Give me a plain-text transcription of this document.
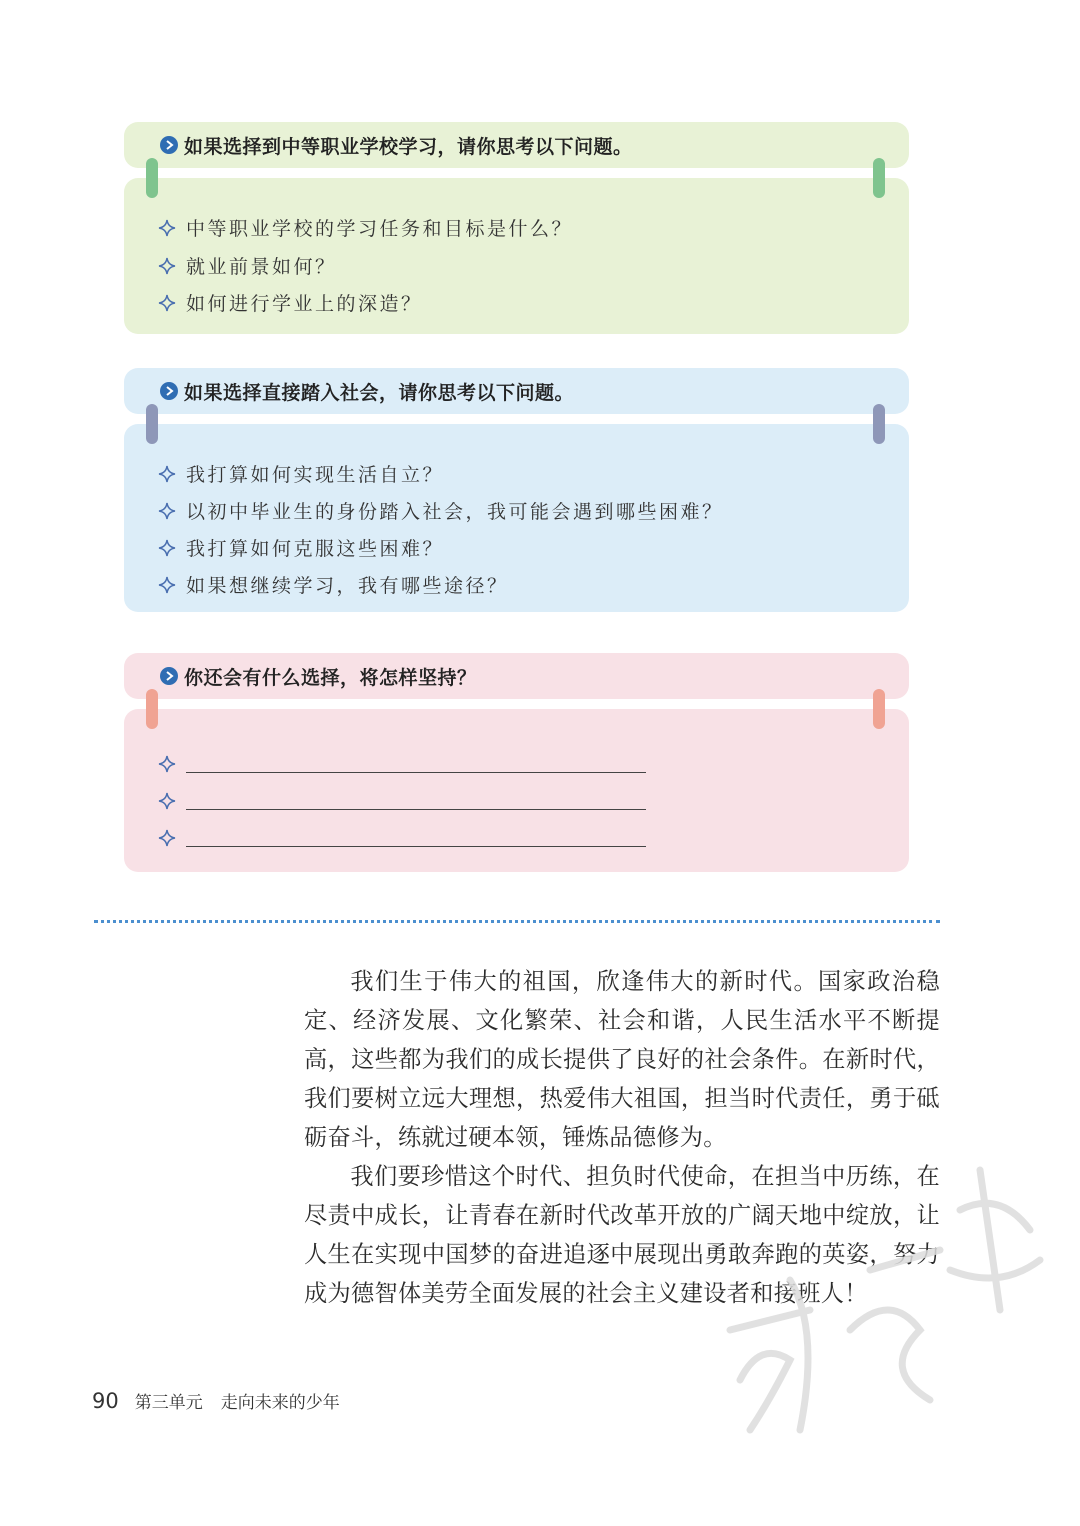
如果选择到中等职业学校学习，请你思考以下问题。
中等职业学校的学习任务和目标是什么？
就业前景如何？
如何进行学业上的深造？
如果选择直接踏入社会，请你思考以下问题。
我打算如何实现生活自立？
以初中毕业生的身份踏入社会，我可能会遇到哪些困难？
我打算如何克服这些困难？
如果想继续学习，我有哪些途径？
你还会有什么选择，将怎样坚持？

我们生于伟大的祖国，欣逢伟大的新时代。国家政治稳定、经济发展、文化繁荣、社会和谐，人民生活水平不断提高，这些都为我们的成长提供了良好的社会条件。在新时代，我们要树立远大理想，热爱伟大祖国，担当时代责任，勇于砥砺奋斗，练就过硬本领，锤炼品德修为。

我们要珍惜这个时代、担负时代使命，在担当中历练，在尽责中成长，让青春在新时代改革开放的广阔天地中绽放，让人生在实现中国梦的奋进追逐中展现出勇敢奔跑的英姿，努力成为德智体美劳全面发展的社会主义建设者和接班人！

90 第三单元 走向未来的少年
